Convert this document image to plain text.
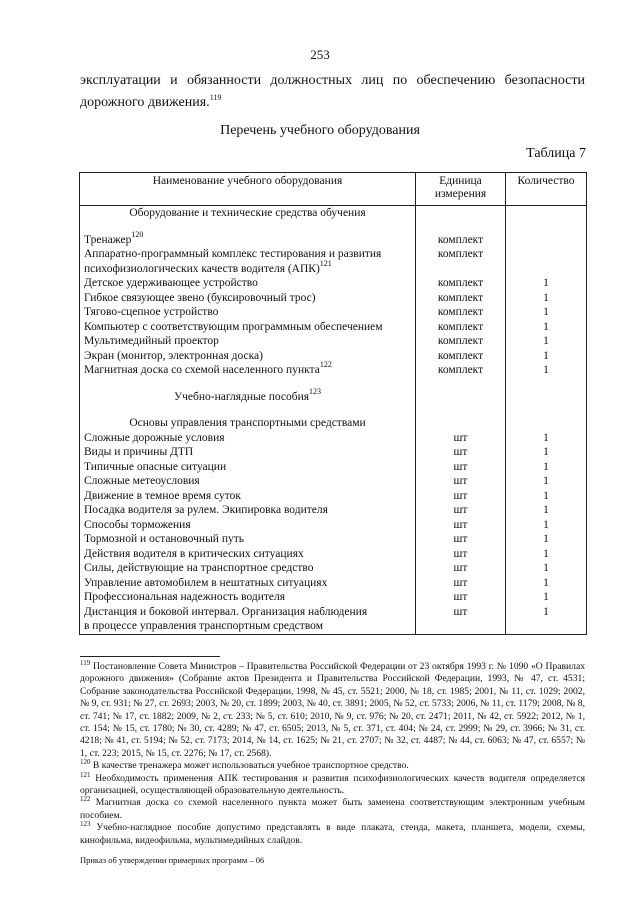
253
эксплуатации и обязанности должностных лиц по обеспечению безопасности
дорожного движения.$^{119}$
Перечень учебного оборудования
Таблица 7
Наименование учебного оборудования	Единица измерения	Количество
Оборудование и технические средства обучения		

Тренажер$^{120}$	комплект	
Аппаратно-программный комплекс тестирования и развития
психофизиологических качеств водителя (АПК)$^{121}$	комплект	
Детское удерживающее устройство	комплект	1
Гибкое связующее звено (буксировочный трос)	комплект	1
Тягово-сцепное устройство	комплект	1
Компьютер с соответствующим программным обеспечением	комплект	1
Мультимедийный проектор	комплект	1
Экран (монитор, электронная доска)	комплект	1
Магнитная доска со схемой населенного пункта$^{122}$	комплект	1

Учебно-наглядные пособия$^{123}$		

Основы управления транспортными средствами		
Сложные дорожные условия	шт	1
Виды и причины ДТП	шт	1
Типичные опасные ситуации	шт	1
Сложные метеоусловия	шт	1
Движение в темное время суток	шт	1
Посадка водителя за рулем. Экипировка водителя	шт	1
Способы торможения	шт	1
Тормозной и остановочный путь	шт	1
Действия водителя в критических ситуациях	шт	1
Силы, действующие на транспортное средство	шт	1
Управление автомобилем в нештатных ситуациях	шт	1
Профессиональная надежность водителя	шт	1
Дистанция и боковой интервал. Организация наблюдения
в процессе управления транспортным средством	шт	1

$^{119}$ Постановление Совета Министров – Правительства Российской Федерации от 23 октября 1993 г. № 1090 «О Правилах дорожного движения» (Собрание актов Президента и Правительства Российской Федерации, 1993, № 47, ст. 4531; Собрание законодательства Российской Федерации, 1998, № 45, ст. 5521; 2000, № 18, ст. 1985; 2001, № 11, ст. 1029; 2002, № 9, ст. 931; № 27, ст. 2693; 2003, № 20, ст. 1899; 2003, № 40, ст. 3891; 2005, № 52, ст. 5733; 2006, № 11, ст. 1179; 2008, № 8, ст. 741; № 17, ст. 1882; 2009, № 2, ст. 233; № 5, ст. 610; 2010, № 9, ст. 976; № 20, ст. 2471; 2011, № 42, ст. 5922; 2012, № 1, ст. 154; № 15, ст. 1780; № 30, ст. 4289; № 47, ст. 6505; 2013, № 5, ст. 371, ст. 404; № 24, ст. 2999; № 29, ст. 3966; № 31, ст. 4218; № 41, ст. 5194; № 52, ст. 7173; 2014, № 14, ст. 1625; № 21, ст. 2707; № 32, ст. 4487; № 44, ст. 6063; № 47, ст. 6557; № 1, ст. 223; 2015, № 15, ст. 2276; № 17, ст. 2568).

$^{120}$ В качестве тренажера может использоваться учебное транспортное средство.

$^{121}$ Необходимость применения АПК тестирования и развития психофизиологических качеств водителя определяется организацией, осуществляющей образовательную деятельность.

$^{122}$ Магнитная доска со схемой населенного пункта может быть заменена соответствующим электронным учебным пособием.

$^{123}$ Учебно-наглядное пособие допустимо представлять в виде плаката, стенда, макета, планшета, модели, схемы, кинофильма, видеофильма, мультимедийных слайдов.

Приказ об утверждении примерных программ – 06
